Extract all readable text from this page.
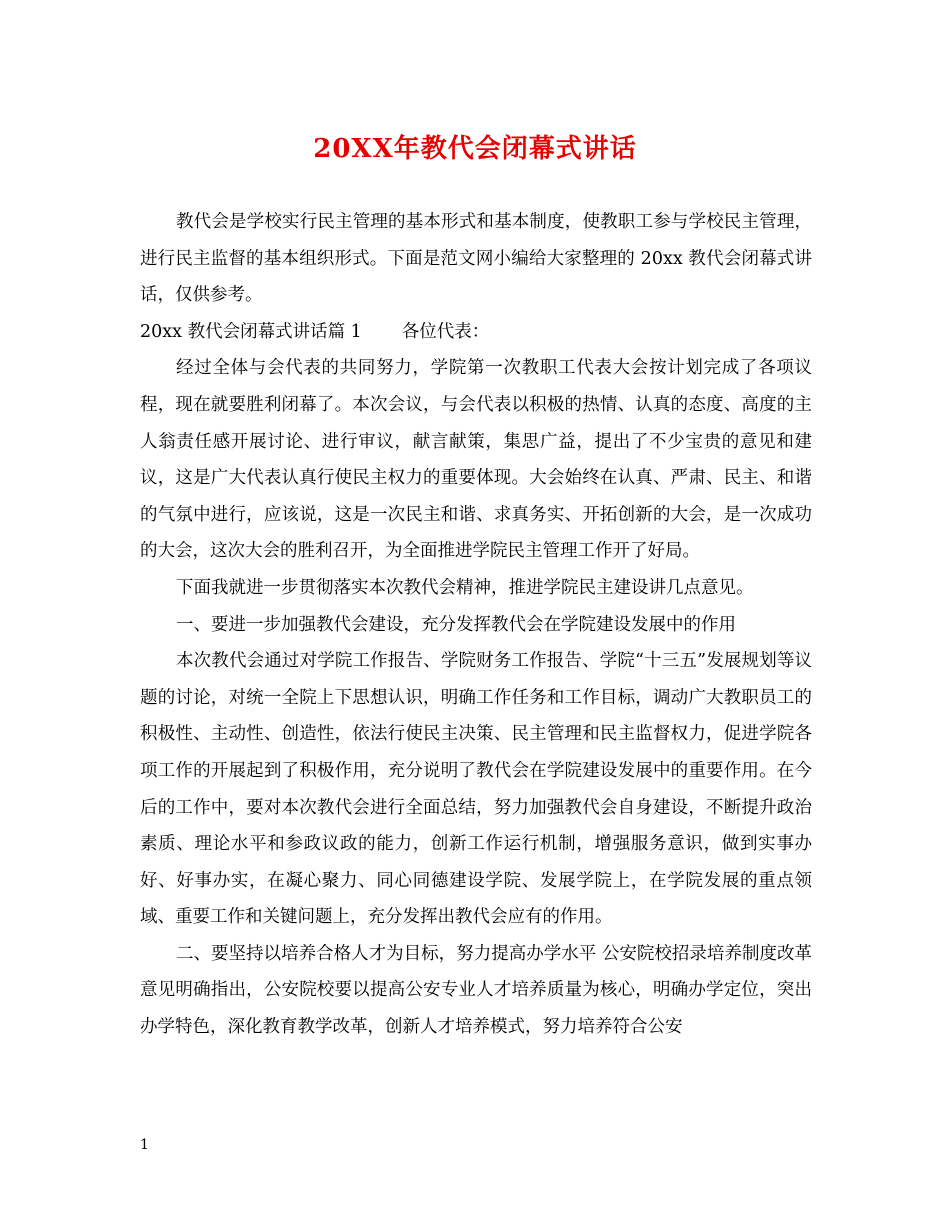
20XX年教代会闭幕式讲话

教代会是学校实行民主管理的基本形式和基本制度，使教职工参与学校民主管理，进行民主监督的基本组织形式。下面是范文网小编给大家整理的 20xx 教代会闭幕式讲话，仅供参考。

20xx 教代会闭幕式讲话篇 1 各位代表：

经过全体与会代表的共同努力，学院第一次教职工代表大会按计划完成了各项议程，现在就要胜利闭幕了。本次会议，与会代表以积极的热情、认真的态度、高度的主人翁责任感开展讨论、进行审议，献言献策，集思广益，提出了不少宝贵的意见和建议，这是广大代表认真行使民主权力的重要体现。大会始终在认真、严肃、民主、和谐的气氛中进行，应该说，这是一次民主和谐、求真务实、开拓创新的大会，是一次成功的大会，这次大会的胜利召开，为全面推进学院民主管理工作开了好局。

下面我就进一步贯彻落实本次教代会精神，推进学院民主建设讲几点意见。

一、要进一步加强教代会建设，充分发挥教代会在学院建设发展中的作用

本次教代会通过对学院工作报告、学院财务工作报告、学院“十三五”发展规划等议题的讨论，对统一全院上下思想认识，明确工作任务和工作目标，调动广大教职员工的积极性、主动性、创造性，依法行使民主决策、民主管理和民主监督权力，促进学院各项工作的开展起到了积极作用，充分说明了教代会在学院建设发展中的重要作用。在今后的工作中，要对本次教代会进行全面总结，努力加强教代会自身建设，不断提升政治素质、理论水平和参政议政的能力，创新工作运行机制，增强服务意识，做到实事办好、好事办实，在凝心聚力、同心同德建设学院、发展学院上，在学院发展的重点领域、重要工作和关键问题上，充分发挥出教代会应有的作用。

二、要坚持以培养合格人才为目标，努力提高办学水平 公安院校招录培养制度改革意见明确指出，公安院校要以提高公安专业人才培养质量为核心，明确办学定位，突出办学特色，深化教育教学改革，创新人才培养模式，努力培养符合公安

1
